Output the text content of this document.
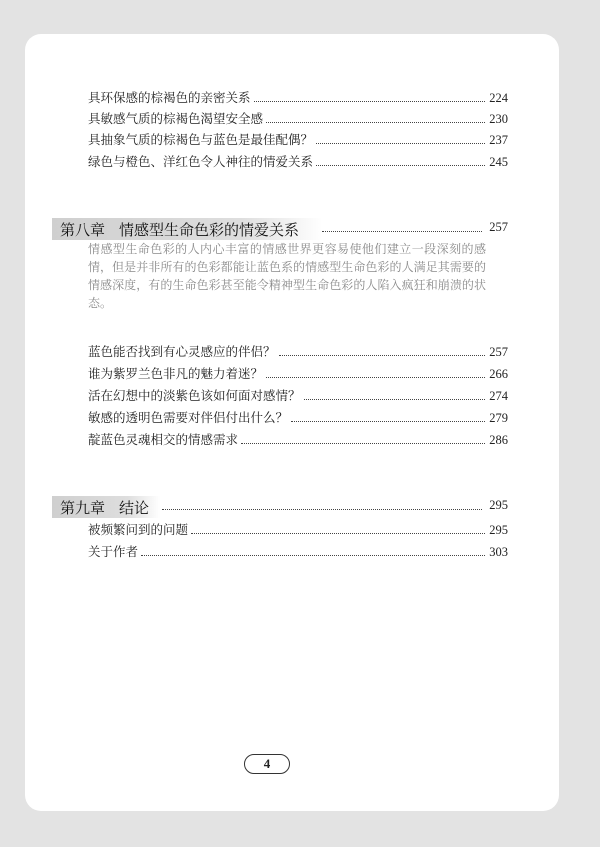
具环保感的棕褐色的亲密关系	224
具敏感气质的棕褐色渴望安全感	230
具抽象气质的棕褐色与蓝色是最佳配偶？	237
绿色与橙色、洋红色令人神往的情爱关系	245
第八章 情感型生命色彩的情爱关系	257
情感型生命色彩的人内心丰富的情感世界更容易使他们建立一段深刻的感情，但是并非所有的色彩都能让蓝色系的情感型生命色彩的人满足其需要的情感深度，有的生命色彩甚至能令精神型生命色彩的人陷入疯狂和崩溃的状态。
蓝色能否找到有心灵感应的伴侣？	257
谁为紫罗兰色非凡的魅力着迷？	266
活在幻想中的淡紫色该如何面对感情？	274
敏感的透明色需要对伴侣付出什么？	279
靛蓝色灵魂相交的情感需求	286
第九章 结论	295
被频繁问到的问题	295
关于作者	303
4
